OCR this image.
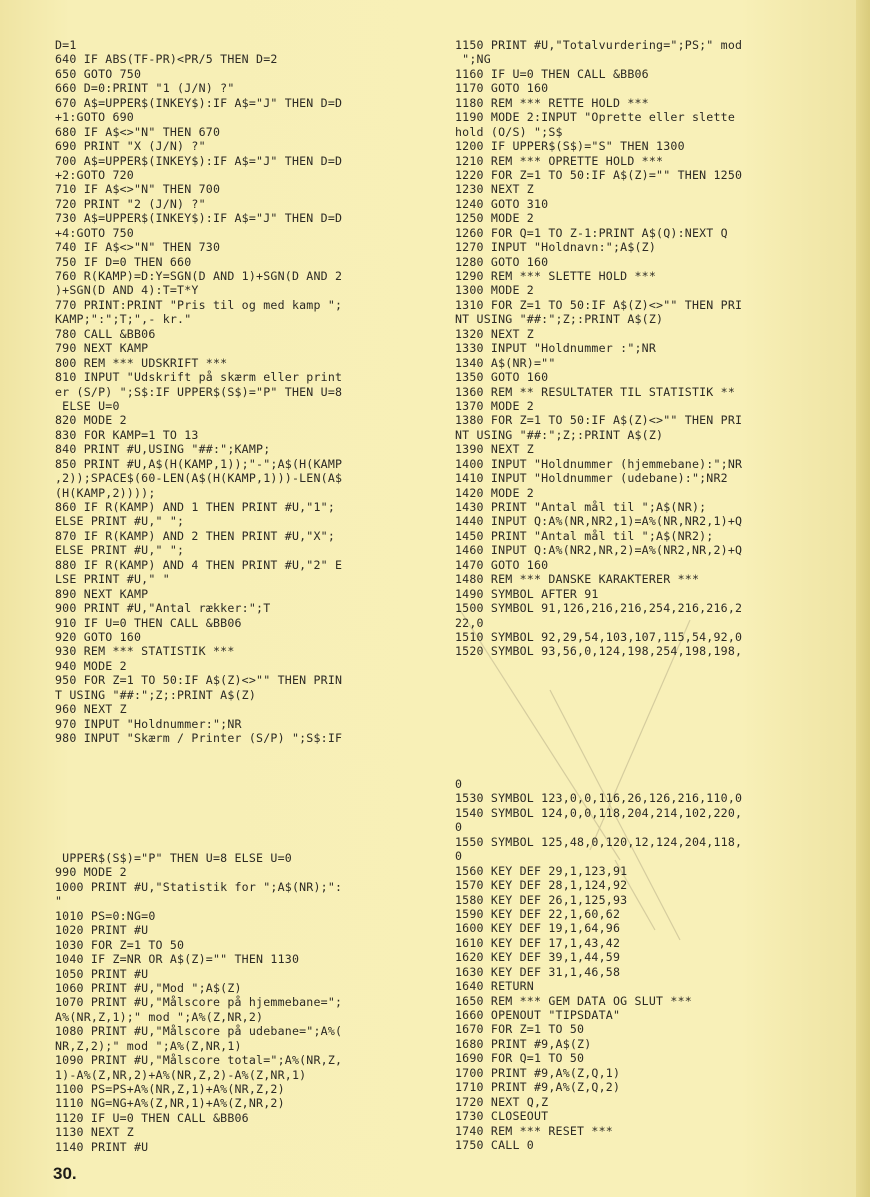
D=1
640 IF ABS(TF-PR)<PR/5 THEN D=2
650 GOTO 750
660 D=0:PRINT "1 (J/N) ?"
670 A$=UPPER$(INKEY$):IF A$="J" THEN D=D
+1:GOTO 690
680 IF A$<>"N" THEN 670
690 PRINT "X (J/N) ?"
700 A$=UPPER$(INKEY$):IF A$="J" THEN D=D
+2:GOTO 720
710 IF A$<>"N" THEN 700
720 PRINT "2 (J/N) ?"
730 A$=UPPER$(INKEY$):IF A$="J" THEN D=D
+4:GOTO 750
740 IF A$<>"N" THEN 730
750 IF D=0 THEN 660
760 R(KAMP)=D:Y=SGN(D AND 1)+SGN(D AND 2
)+SGN(D AND 4):T=T*Y
770 PRINT:PRINT "Pris til og med kamp ";
KAMP;":";T;",- kr."
780 CALL &BB06
790 NEXT KAMP
800 REM *** UDSKRIFT ***
810 INPUT "Udskrift på skærm eller print
er (S/P) ";S$:IF UPPER$(S$)="P" THEN U=8
ELSE U=0
820 MODE 2
830 FOR KAMP=1 TO 13
840 PRINT #U,USING "##:";KAMP;
850 PRINT #U,A$(H(KAMP,1));"-";A$(H(KAMP
,2));SPACE$(60-LEN(A$(H(KAMP,1)))-LEN(A$
(H(KAMP,2))));
860 IF R(KAMP) AND 1 THEN PRINT #U,"1";
ELSE PRINT #U," ";
870 IF R(KAMP) AND 2 THEN PRINT #U,"X";
ELSE PRINT #U," ";
880 IF R(KAMP) AND 4 THEN PRINT #U,"2" E
LSE PRINT #U," "
890 NEXT KAMP
900 PRINT #U,"Antal rækker:";T
910 IF U=0 THEN CALL &BB06
920 GOTO 160
930 REM *** STATISTIK ***
940 MODE 2
950 FOR Z=1 TO 50:IF A$(Z)<>"" THEN PRIN
T USING "##:";Z;:PRINT A$(Z)
960 NEXT Z
970 INPUT "Holdnummer:";NR
980 INPUT "Skærm / Printer (S/P) ";S$:IF
UPPER$(S$)="P" THEN U=8 ELSE U=0
990 MODE 2
1000 PRINT #U,"Statistik for ";A$(NR);":
"
1010 PS=0:NG=0
1020 PRINT #U
1030 FOR Z=1 TO 50
1040 IF Z=NR OR A$(Z)="" THEN 1130
1050 PRINT #U
1060 PRINT #U,"Mod ";A$(Z)
1070 PRINT #U,"Målscore på hjemmebane=";
A%(NR,Z,1);" mod ";A%(Z,NR,2)
1080 PRINT #U,"Målscore på udebane=";A%(
NR,Z,2);" mod ";A%(Z,NR,1)
1090 PRINT #U,"Målscore total=";A%(NR,Z,
1)-A%(Z,NR,2)+A%(NR,Z,2)-A%(Z,NR,1)
1100 PS=PS+A%(NR,Z,1)+A%(NR,Z,2)
1110 NG=NG+A%(Z,NR,1)+A%(Z,NR,2)
1120 IF U=0 THEN CALL &BB06
1130 NEXT Z
1140 PRINT #U
1150 PRINT #U,"Totalvurdering=";PS;" mod
";NG
1160 IF U=0 THEN CALL &BB06
1170 GOTO 160
1180 REM *** RETTE HOLD ***
1190 MODE 2:INPUT "Oprette eller slette
hold (O/S) ";S$
1200 IF UPPER$(S$)="S" THEN 1300
1210 REM *** OPRETTE HOLD ***
1220 FOR Z=1 TO 50:IF A$(Z)="" THEN 1250
1230 NEXT Z
1240 GOTO 310
1250 MODE 2
1260 FOR Q=1 TO Z-1:PRINT A$(Q):NEXT Q
1270 INPUT "Holdnavn:";A$(Z)
1280 GOTO 160
1290 REM *** SLETTE HOLD ***
1300 MODE 2
1310 FOR Z=1 TO 50:IF A$(Z)<>"" THEN PRI
NT USING "##:";Z;:PRINT A$(Z)
1320 NEXT Z
1330 INPUT "Holdnummer :";NR
1340 A$(NR)=""
1350 GOTO 160
1360 REM ** RESULTATER TIL STATISTIK **
1370 MODE 2
1380 FOR Z=1 TO 50:IF A$(Z)<>"" THEN PRI
NT USING "##:";Z;:PRINT A$(Z)
1390 NEXT Z
1400 INPUT "Holdnummer (hjemmebane):";NR
1410 INPUT "Holdnummer (udebane):";NR2
1420 MODE 2
1430 PRINT "Antal mål til ";A$(NR);
1440 INPUT Q:A%(NR,NR2,1)=A%(NR,NR2,1)+Q
1450 PRINT "Antal mål til ";A$(NR2);
1460 INPUT Q:A%(NR2,NR,2)=A%(NR2,NR,2)+Q
1470 GOTO 160
1480 REM *** DANSKE KARAKTERER ***
1490 SYMBOL AFTER 91
1500 SYMBOL 91,126,216,216,254,216,216,2
22,0
1510 SYMBOL 92,29,54,103,107,115,54,92,0
1520 SYMBOL 93,56,0,124,198,254,198,198,
0
1530 SYMBOL 123,0,0,116,26,126,216,110,0
1540 SYMBOL 124,0,0,118,204,214,102,220,
0
1550 SYMBOL 125,48,0,120,12,124,204,118,
0
1560 KEY DEF 29,1,123,91
1570 KEY DEF 28,1,124,92
1580 KEY DEF 26,1,125,93
1590 KEY DEF 22,1,60,62
1600 KEY DEF 19,1,64,96
1610 KEY DEF 17,1,43,42
1620 KEY DEF 39,1,44,59
1630 KEY DEF 31,1,46,58
1640 RETURN
1650 REM *** GEM DATA OG SLUT ***
1660 OPENOUT "TIPSDATA"
1670 FOR Z=1 TO 50
1680 PRINT #9,A$(Z)
1690 FOR Q=1 TO 50
1700 PRINT #9,A%(Z,Q,1)
1710 PRINT #9,A%(Z,Q,2)
1720 NEXT Q,Z
1730 CLOSEOUT
1740 REM *** RESET ***
1750 CALL 0
30.
